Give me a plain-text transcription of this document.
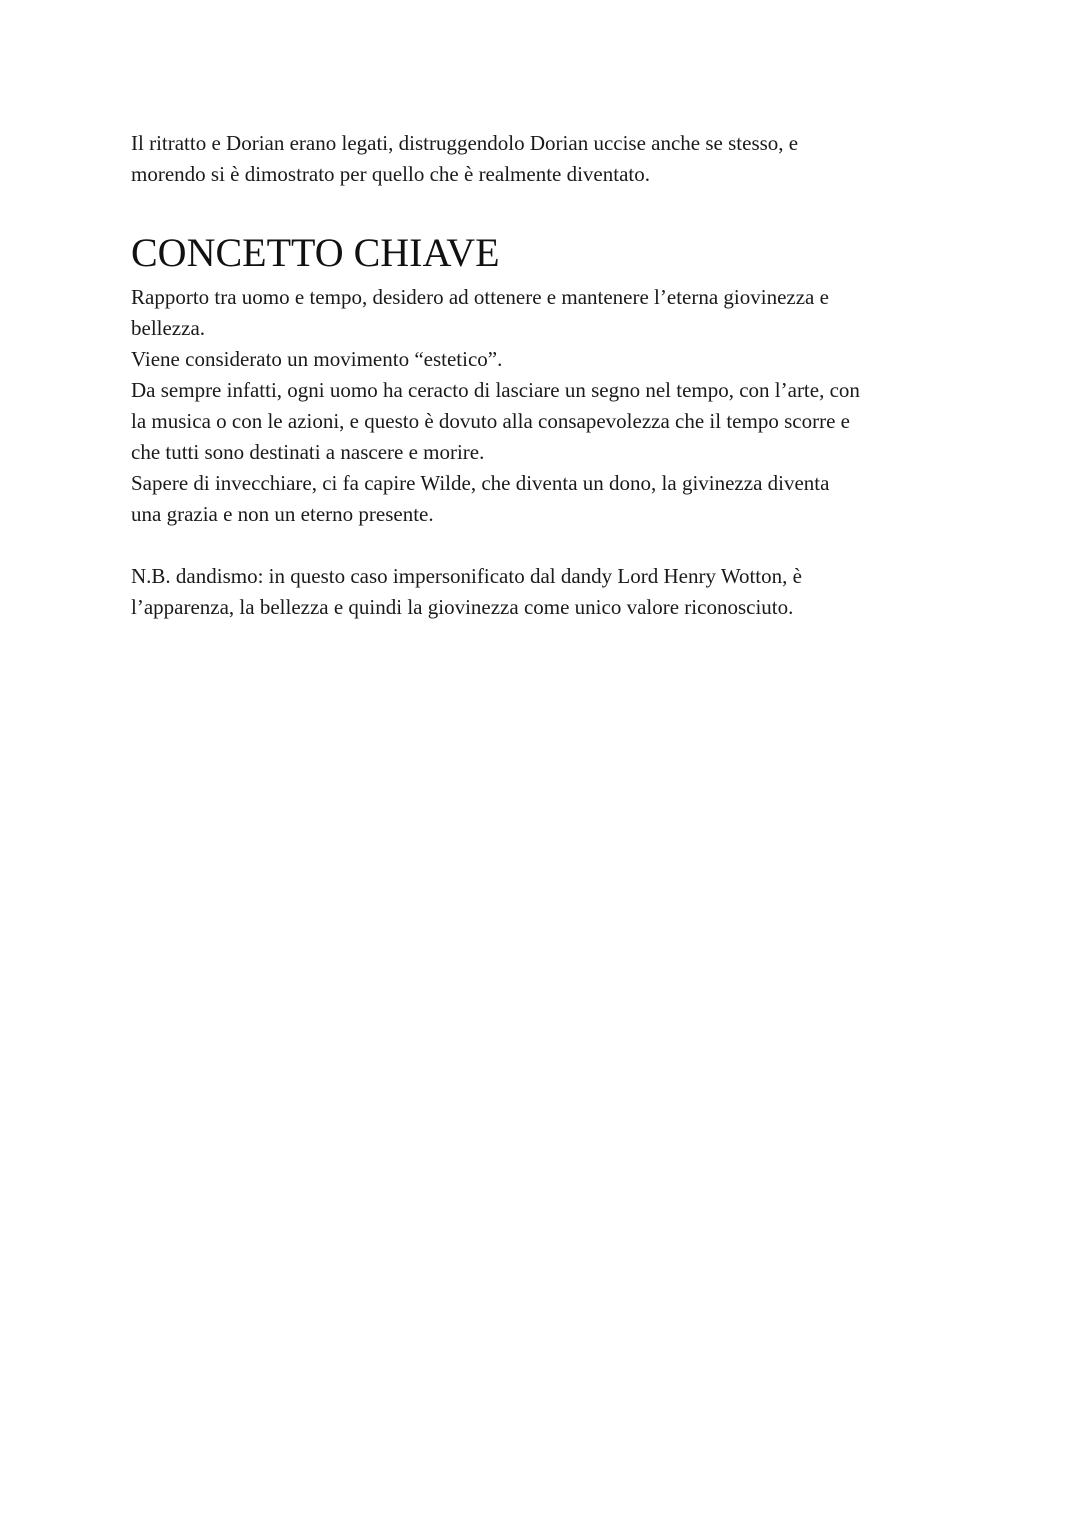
Il ritratto e Dorian erano legati, distruggendolo Dorian uccise anche se stesso, e
morendo si è dimostrato per quello che è realmente diventato.

CONCETTO CHIAVE

Rapporto tra uomo e tempo, desidero ad ottenere e mantenere l’eterna giovinezza e
bellezza.

Viene considerato un movimento “estetico”.

Da sempre infatti, ogni uomo ha ceracto di lasciare un segno nel tempo, con l’arte, con
la musica o con le azioni, e questo è dovuto alla consapevolezza che il tempo scorre e
che tutti sono destinati a nascere e morire.

Sapere di invecchiare, ci fa capire Wilde, che diventa un dono, la givinezza diventa
una grazia e non un eterno presente.

N.B. dandismo: in questo caso impersonificato dal dandy Lord Henry Wotton, è
l’apparenza, la bellezza e quindi la giovinezza come unico valore riconosciuto.
